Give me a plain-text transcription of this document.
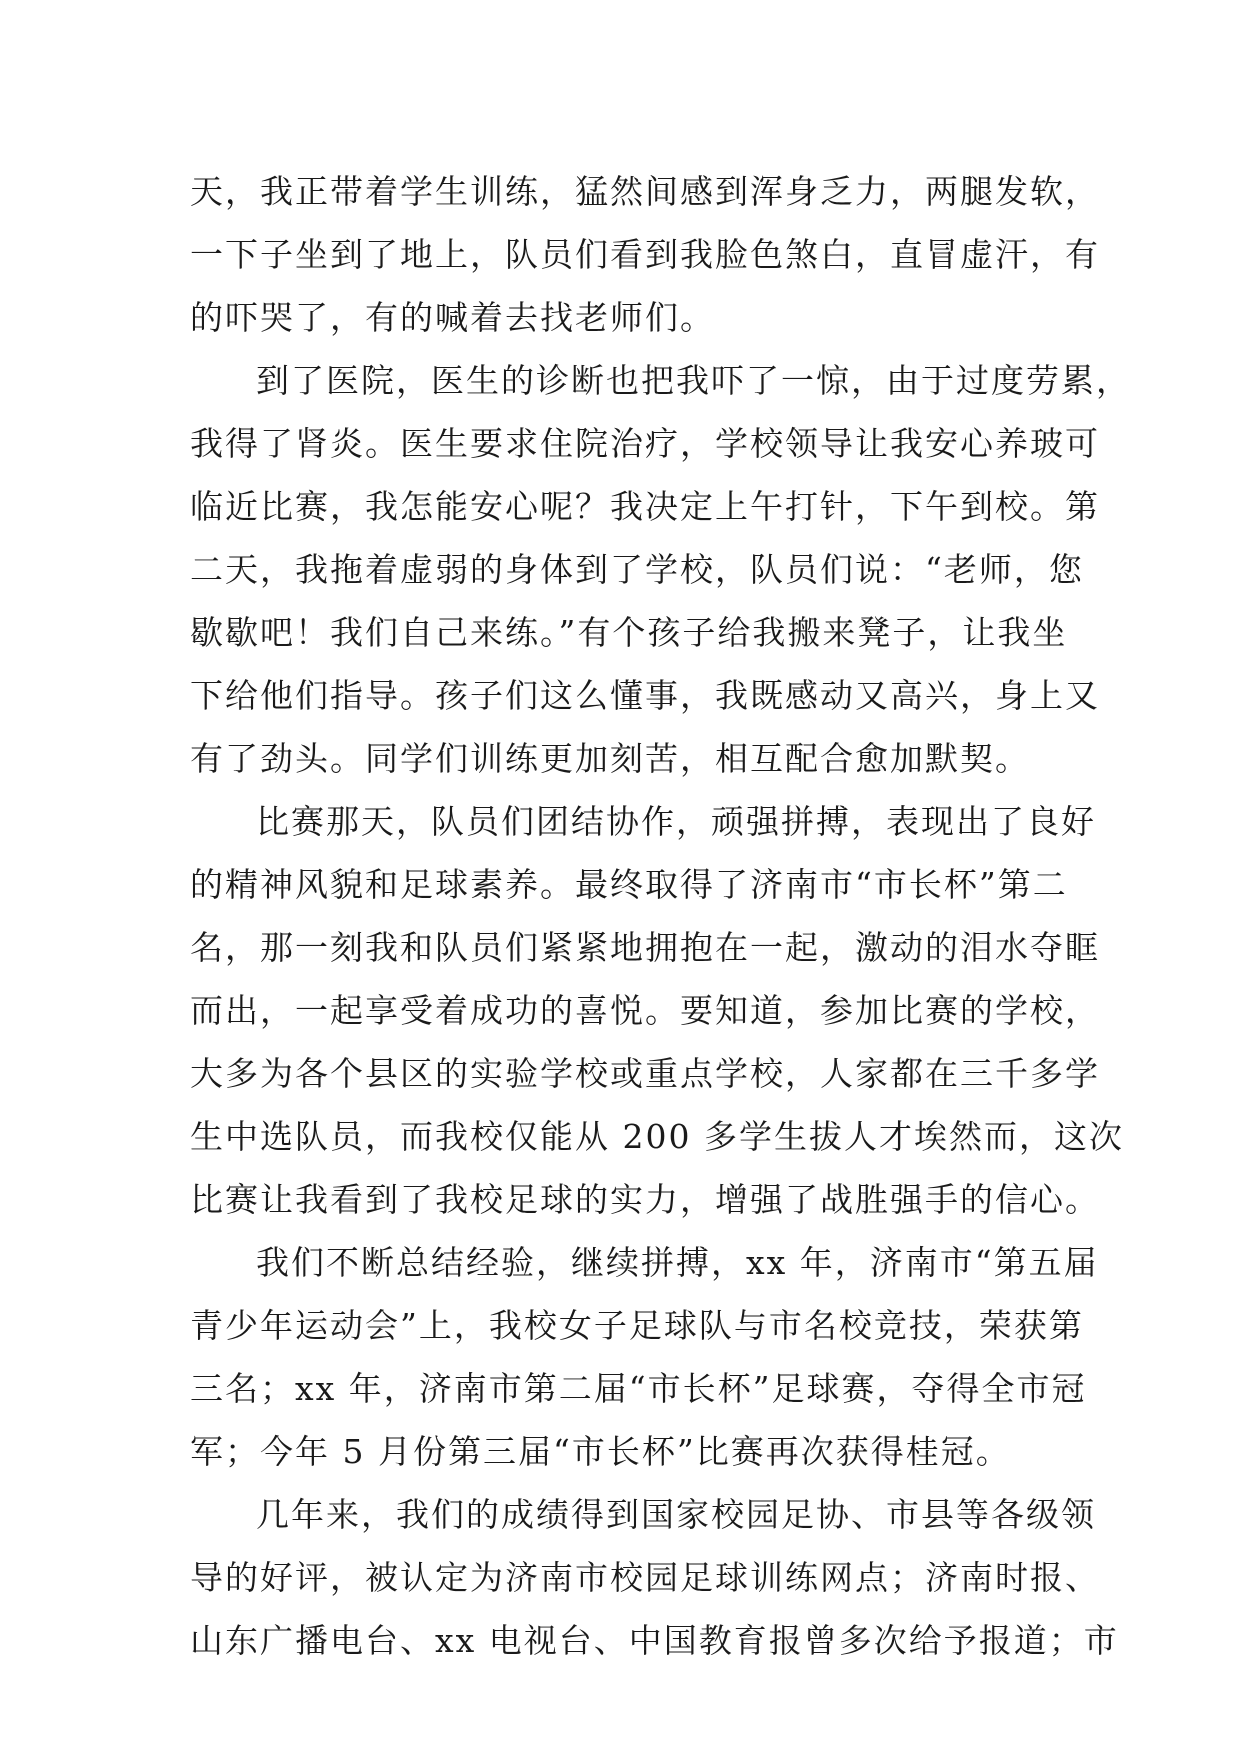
天，我正带着学生训练，猛然间感到浑身乏力，两腿发软，
一下子坐到了地上，队员们看到我脸色煞白，直冒虚汗，有
的吓哭了，有的喊着去找老师们。
到了医院，医生的诊断也把我吓了一惊，由于过度劳累，
我得了肾炎。医生要求住院治疗，学校领导让我安心养玻可
临近比赛，我怎能安心呢？我决定上午打针，下午到校。第
二天，我拖着虚弱的身体到了学校，队员们说：“老师，您
歇歇吧！我们自己来练。”有个孩子给我搬来凳子，让我坐
下给他们指导。孩子们这么懂事，我既感动又高兴，身上又
有了劲头。同学们训练更加刻苦，相互配合愈加默契。
比赛那天，队员们团结协作，顽强拼搏，表现出了良好
的精神风貌和足球素养。最终取得了济南市“市长杯”第二
名，那一刻我和队员们紧紧地拥抱在一起，激动的泪水夺眶
而出，一起享受着成功的喜悦。要知道，参加比赛的学校，
大多为各个县区的实验学校或重点学校，人家都在三千多学
生中选队员，而我校仅能从 200 多学生拔人才埃然而，这次
比赛让我看到了我校足球的实力，增强了战胜强手的信心。
我们不断总结经验，继续拼搏，xx 年，济南市“第五届
青少年运动会”上，我校女子足球队与市名校竞技，荣获第
三名；xx 年，济南市第二届“市长杯”足球赛，夺得全市冠
军；今年 5 月份第三届“市长杯”比赛再次获得桂冠。
几年来，我们的成绩得到国家校园足协、市县等各级领
导的好评，被认定为济南市校园足球训练网点；济南时报、
山东广播电台、xx 电视台、中国教育报曾多次给予报道；市
